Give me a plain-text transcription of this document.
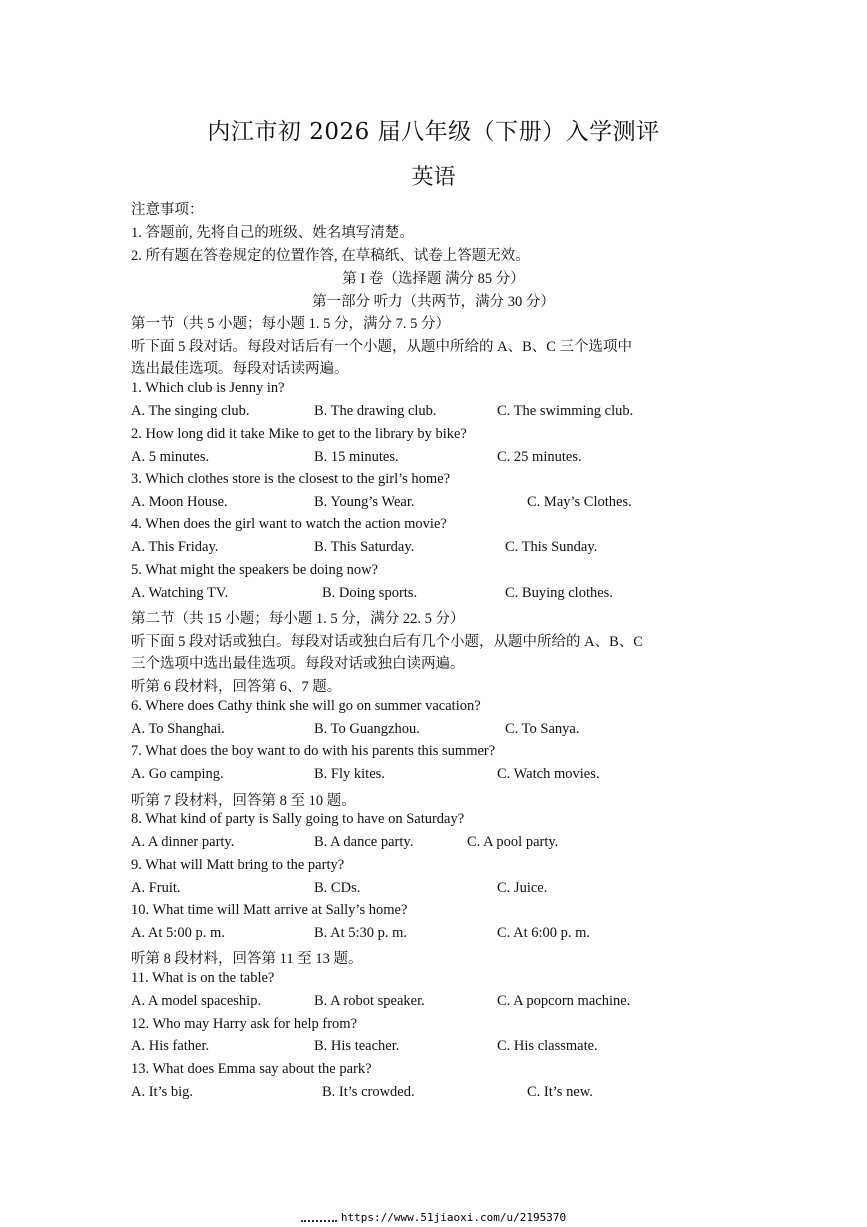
内江市初 2026 届八年级（下册）入学测评
英语
注意事项：
1. 答题前, 先将自己的班级、姓名填写清楚。
2. 所有题在答卷规定的位置作答, 在草稿纸、试卷上答题无效。
第 I 卷（选择题 满分 85 分）
第一部分 听力（共两节，满分 30 分）
第一节（共 5 小题；每小题 1. 5 分，满分 7. 5 分）
听下面 5 段对话。每段对话后有一个小题，从题中所给的 A、B、C 三个选项中
选出最佳选项。每段对话读两遍。
1. Which club is Jenny in?
A. The singing club.	B. The drawing club.	C. The swimming club.
2. How long did it take Mike to get to the library by bike?
A. 5 minutes.	B. 15 minutes.	C. 25 minutes.
3. Which clothes store is the closest to the girl’s home?
A. Moon House.	B. Young’s Wear.	C. May’s Clothes.
4. When does the girl want to watch the action movie?
A. This Friday.	B. This Saturday.	C. This Sunday.
5. What might the speakers be doing now?
A. Watching TV.	B. Doing sports.	C. Buying clothes.
第二节（共 15 小题；每小题 1. 5 分，满分 22. 5 分）
听下面 5 段对话或独白。每段对话或独白后有几个小题，从题中所给的 A、B、C
三个选项中选出最佳选项。每段对话或独白读两遍。
听第 6 段材料，回答第 6、7 题。
6. Where does Cathy think she will go on summer vacation?
A. To Shanghai.	B. To Guangzhou.	C. To Sanya.
7. What does the boy want to do with his parents this summer?
A. Go camping.	B. Fly kites.	C. Watch movies.
听第 7 段材料，回答第 8 至 10 题。
8. What kind of party is Sally going to have on Saturday?
A. A dinner party.	B. A dance party.	C. A pool party.
9. What will Matt bring to the party?
A. Fruit.	B. CDs.	C. Juice.
10. What time will Matt arrive at Sally’s home?
A. At 5:00 p. m.	B. At 5:30 p. m.	C. At 6:00 p. m.
听第 8 段材料，回答第 11 至 13 题。
11. What is on the table?
A. A model spaceship.	B. A robot speaker.	C. A popcorn machine.
12. Who may Harry ask for help from?
A. His father.	B. His teacher.	C. His classmate.
13. What does Emma say about the park?
A. It’s big.	B. It’s crowded.	C. It’s new.
https://www.51jiaoxi.com/u/2195370
